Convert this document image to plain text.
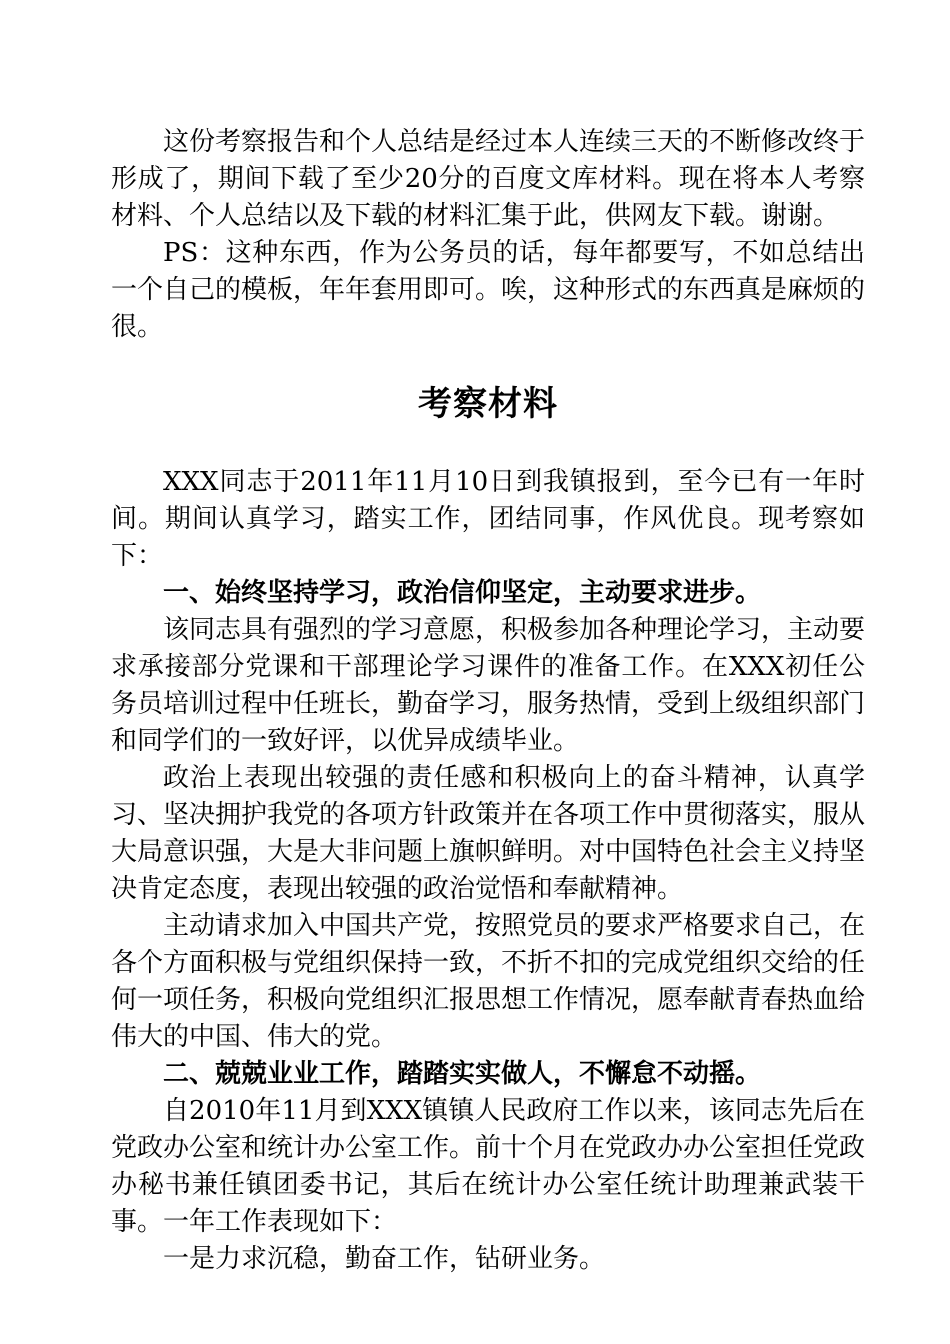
这份考察报告和个人总结是经过本人连续三天的不断修改终于形成了，期间下载了至少20分的百度文库材料。现在将本人考察材料、个人总结以及下载的材料汇集于此，供网友下载。谢谢。

PS：这种东西，作为公务员的话，每年都要写，不如总结出一个自己的模板，年年套用即可。唉，这种形式的东西真是麻烦的很。

考察材料

XXX同志于2011年11月10日到我镇报到，至今已有一年时间。期间认真学习，踏实工作，团结同事，作风优良。现考察如下：

一、始终坚持学习，政治信仰坚定，主动要求进步。

该同志具有强烈的学习意愿，积极参加各种理论学习，主动要求承接部分党课和干部理论学习课件的准备工作。在XXX初任公务员培训过程中任班长，勤奋学习，服务热情，受到上级组织部门和同学们的一致好评，以优异成绩毕业。

政治上表现出较强的责任感和积极向上的奋斗精神，认真学习、坚决拥护我党的各项方针政策并在各项工作中贯彻落实，服从大局意识强，大是大非问题上旗帜鲜明。对中国特色社会主义持坚决肯定态度，表现出较强的政治觉悟和奉献精神。

主动请求加入中国共产党，按照党员的要求严格要求自己，在各个方面积极与党组织保持一致，不折不扣的完成党组织交给的任何一项任务，积极向党组织汇报思想工作情况，愿奉献青春热血给伟大的中国、伟大的党。

二、兢兢业业工作，踏踏实实做人，不懈怠不动摇。

自2010年11月到XXX镇镇人民政府工作以来，该同志先后在党政办公室和统计办公室工作。前十个月在党政办办公室担任党政办秘书兼任镇团委书记，其后在统计办公室任统计助理兼武装干事。一年工作表现如下：

一是力求沉稳，勤奋工作，钻研业务。
